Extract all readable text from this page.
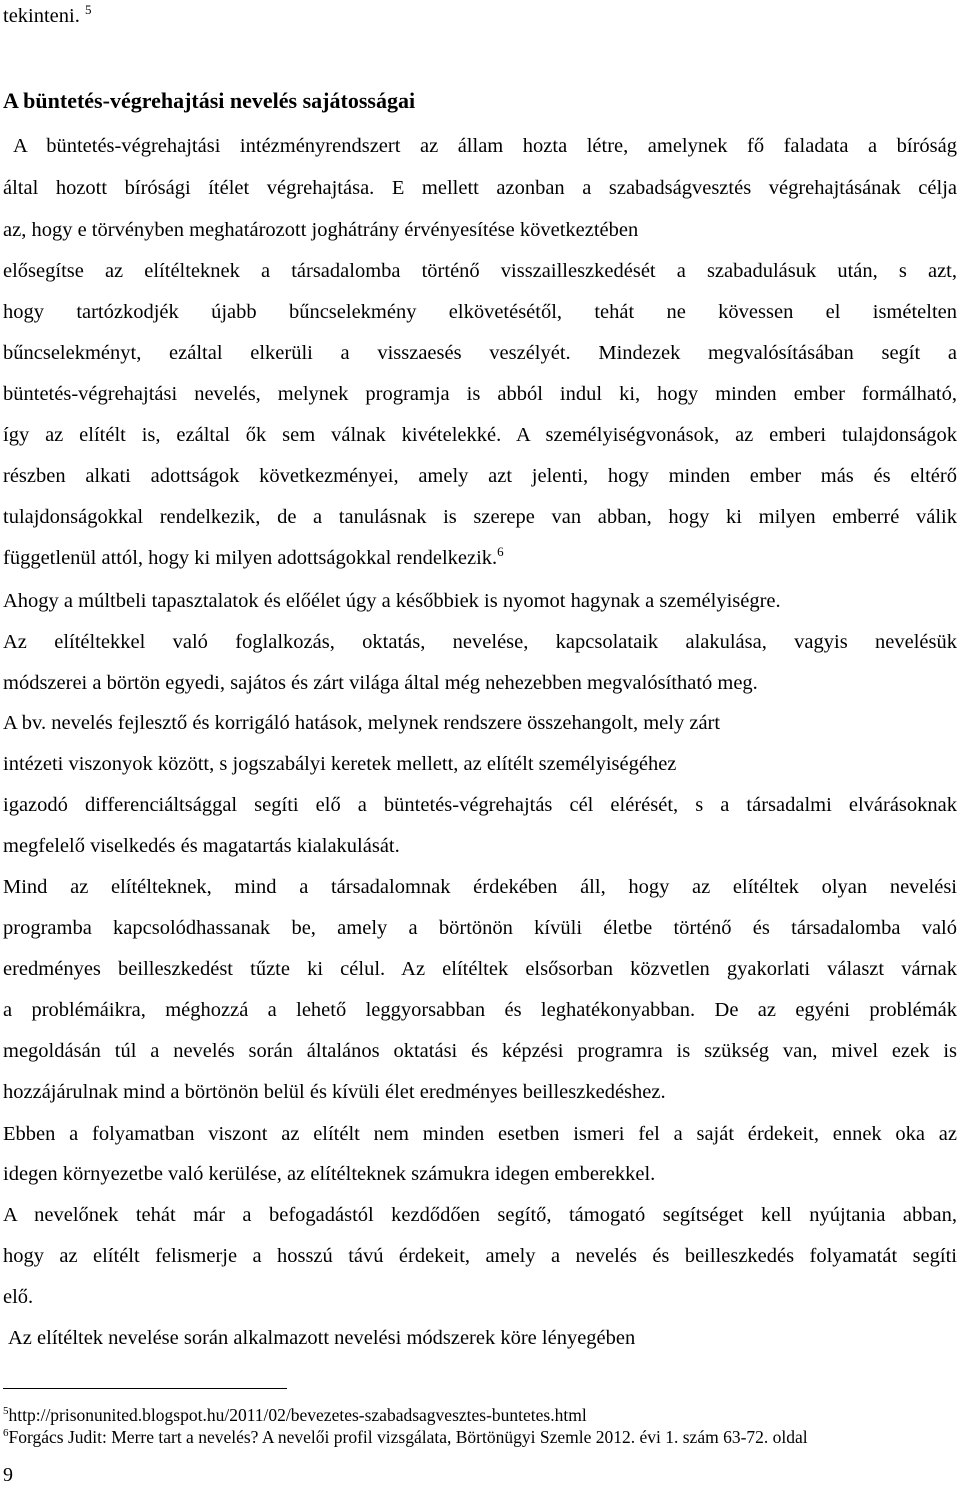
tekinteni. $^5$
A büntetés-végrehajtási nevelés sajátosságai
A büntetés-végrehajtási intézményrendszert az állam hozta létre, amelynek fő faladata a bíróság
által hozott bírósági ítélet végrehajtása. E mellett azonban a szabadságvesztés végrehajtásának célja
az, hogy e törvényben meghatározott joghátrány érvényesítése következtében
elősegítse az elítélteknek a társadalomba történő visszailleszkedését a szabadulásuk után, s azt,
hogy tartózkodjék újabb bűncselekmény elkövetésétől, tehát ne kövessen el ismételten
bűncselekményt, ezáltal elkerüli a visszaesés veszélyét. Mindezek megvalósításában segít a
büntetés-végrehajtási nevelés, melynek programja is abból indul ki, hogy minden ember formálható,
így az elítélt is, ezáltal ők sem válnak kivételekké. A személyiségvonások, az emberi tulajdonságok
részben alkati adottságok következményei, amely azt jelenti, hogy minden ember más és eltérő
tulajdonságokkal rendelkezik, de a tanulásnak is szerepe van abban, hogy ki milyen emberré válik
függetlenül attól, hogy ki milyen adottságokkal rendelkezik.$^6$
Ahogy a múltbeli tapasztalatok és előélet úgy a későbbiek is nyomot hagynak a személyiségre.
Az elítéltekkel való foglalkozás, oktatás, nevelése, kapcsolataik alakulása, vagyis nevelésük
módszerei a börtön egyedi, sajátos és zárt világa által még nehezebben megvalósítható meg.
A bv. nevelés fejlesztő és korrigáló hatások, melynek rendszere összehangolt, mely zárt
intézeti viszonyok között, s jogszabályi keretek mellett, az elítélt személyiségéhez
igazodó differenciáltsággal segíti elő a büntetés-végrehajtás cél elérését, s a társadalmi elvárásoknak
megfelelő viselkedés és magatartás kialakulását.
Mind az elítélteknek, mind a társadalomnak érdekében áll, hogy az elítéltek olyan nevelési
programba kapcsolódhassanak be, amely a börtönön kívüli életbe történő és társadalomba való
eredményes beilleszkedést tűzte ki célul. Az elítéltek elsősorban közvetlen gyakorlati választ várnak
a problémáikra, méghozzá a lehető leggyorsabban és leghatékonyabban. De az egyéni problémák
megoldásán túl a nevelés során általános oktatási és képzési programra is szükség van, mivel ezek is
hozzájárulnak mind a börtönön belül és kívüli élet eredményes beilleszkedéshez.
Ebben a folyamatban viszont az elítélt nem minden esetben ismeri fel a saját érdekeit, ennek oka az
idegen környezetbe való kerülése, az elítélteknek számukra idegen emberekkel.
A nevelőnek tehát már a befogadástól kezdődően segítő, támogató segítséget kell nyújtania abban,
hogy az elítélt felismerje a hosszú távú érdekeit, amely a nevelés és beilleszkedés folyamatát segíti
elő.
Az elítéltek nevelése során alkalmazott nevelési módszerek köre lényegében
$^5$http://prisonunited.blogspot.hu/2011/02/bevezetes-szabadsagvesztes-buntetes.html
$^6$Forgács Judit: Merre tart a nevelés? A nevelői profil vizsgálata, Börtönügyi Szemle 2012. évi 1. szám 63-72. oldal
9
